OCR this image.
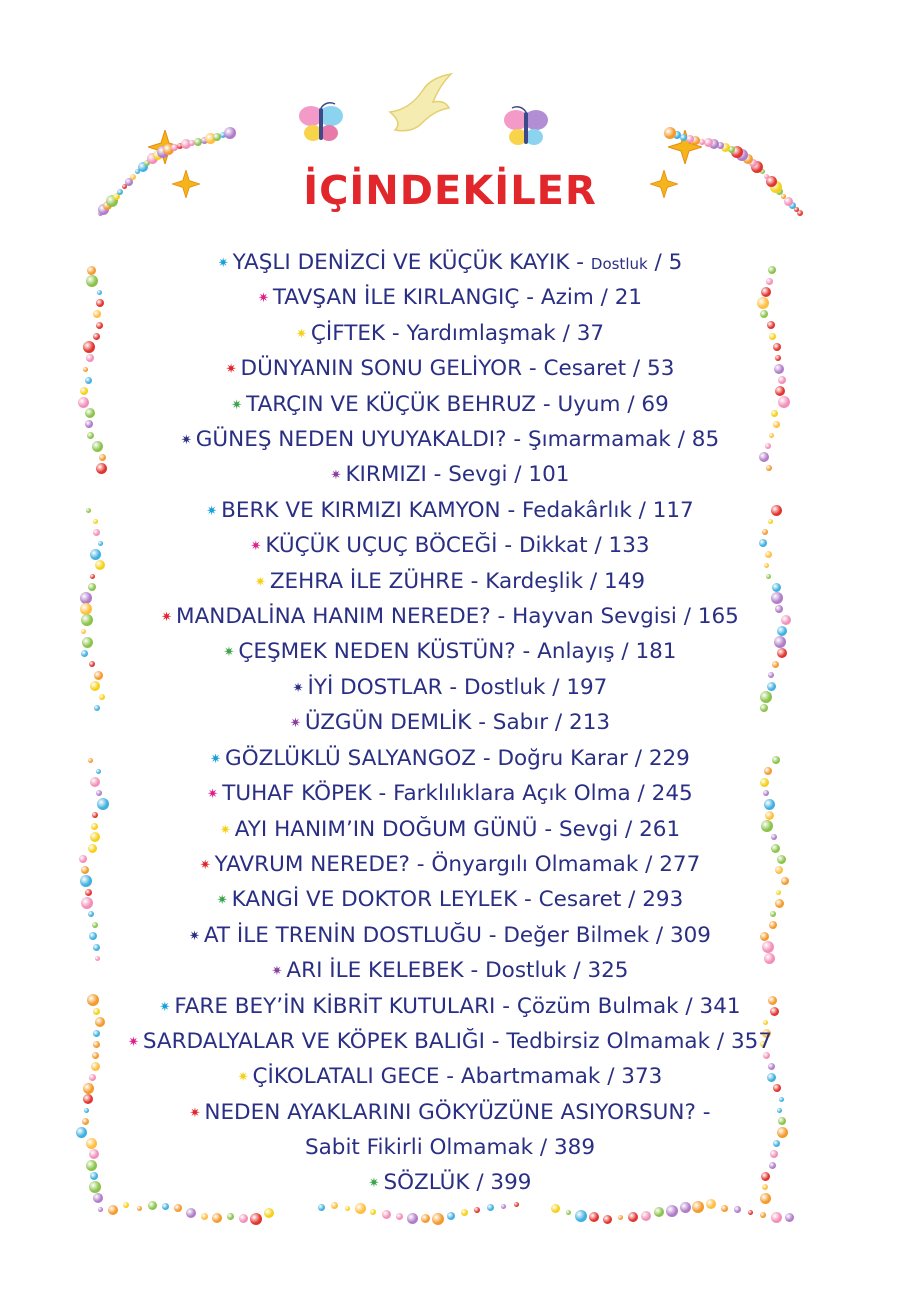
İÇİNDEKİLER
✷ YAŞLI DENİZCİ VE KÜÇÜK KAYIK - Dostluk / 5
✷ TAVŞAN İLE KIRLANGIÇ - Azim / 21
✷ ÇİFTEK - Yardımlaşmak / 37
✷ DÜNYANIN SONU GELİYOR - Cesaret / 53
✷ TARÇIN VE KÜÇÜK BEHRUZ - Uyum / 69
✷ GÜNEŞ NEDEN UYUYAKALDI? - Şımarmamak / 85
✷ KIRMIZI - Sevgi / 101
✷ BERK VE KIRMIZI KAMYON - Fedakârlık / 117
✷ KÜÇÜK UÇUÇ BÖCEĞİ - Dikkat / 133
✷ ZEHRA İLE ZÜHRE - Kardeşlik / 149
✷ MANDALİNA HANIM NEREDE? - Hayvan Sevgisi / 165
✷ ÇEŞMEK NEDEN KÜSTÜN? - Anlayış / 181
✷ İYİ DOSTLAR - Dostluk / 197
✷ ÜZGÜN DEMLİK - Sabır / 213
✷ GÖZLÜKLÜ SALYANGOZ - Doğru Karar / 229
✷ TUHAF KÖPEK - Farklılıklara Açık Olma / 245
✷ AYI HANIM’IN DOĞUM GÜNÜ - Sevgi / 261
✷ YAVRUM NEREDE? - Önyargılı Olmamak / 277
✷ KANGİ VE DOKTOR LEYLEK - Cesaret / 293
✷ AT İLE TRENİN DOSTLUĞU - Değer Bilmek / 309
✷ ARI İLE KELEBEK - Dostluk / 325
✷ FARE BEY’İN KİBRİT KUTULARI - Çözüm Bulmak / 341
✷ SARDALYALAR VE KÖPEK BALIĞI - Tedbirsiz Olmamak / 357
✷ ÇİKOLATALI GECE - Abartmamak / 373
✷ NEDEN AYAKLARINI GÖKYÜZÜNE ASIYORSUN? -
Sabit Fikirli Olmamak / 389
✷ SÖZLÜK / 399
